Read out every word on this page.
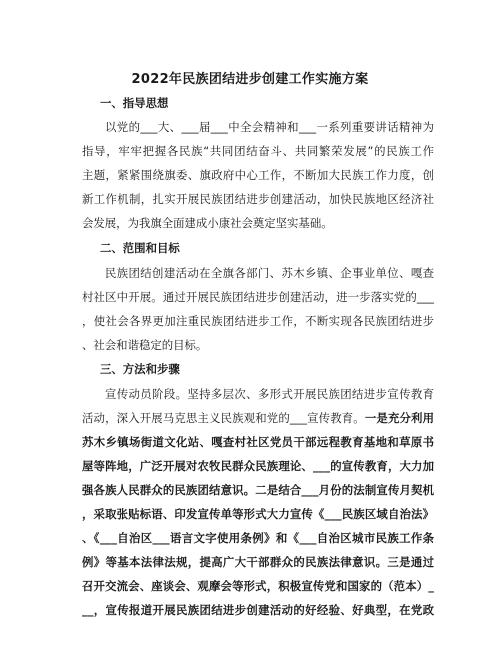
2022年民族团结进步创建工作实施方案
一、指导思想
以党的___大、___届___中全会精神和___一系列重要讲话精神为
指导，牢牢把握各民族“共同团结奋斗、共同繁荣发展”的民族工作
主题，紧紧围绕旗委、旗政府中心工作，不断加大民族工作力度，创
新工作机制，扎实开展民族团结进步创建活动，加快民族地区经济社
会发展，为我旗全面建成小康社会奠定坚实基础。
二、范围和目标
民族团结创建活动在全旗各部门、苏木乡镇、企事业单位、嘎查
村社区中开展。通过开展民族团结进步创建活动，进一步落实党的___
，使社会各界更加注重民族团结进步工作，不断实现各民族团结进步
、社会和谐稳定的目标。
三、方法和步骤
宣传动员阶段。坚持多层次、多形式开展民族团结进步宣传教育
活动，深入开展马克思主义民族观和党的___宣传教育。一是充分利用
苏木乡镇场街道文化站、嘎查村社区党员干部远程教育基地和草原书
屋等阵地，广泛开展对农牧民群众民族理论、___的宣传教育，大力加
强各族人民群众的民族团结意识。二是结合___月份的法制宣传月契机
，采取张贴标语、印发宣传单等形式大力宣传《___民族区域自治法》
、《___自治区___语言文字使用条例》和《___自治区城市民族工作条
例》等基本法律法规，提高广大干部群众的民族法律意识。三是通过
召开交流会、座谈会、观摩会等形式，积极宣传党和国家的（范本）_
__，宣传报道开展民族团结进步创建活动的好经验、好典型，在党政
